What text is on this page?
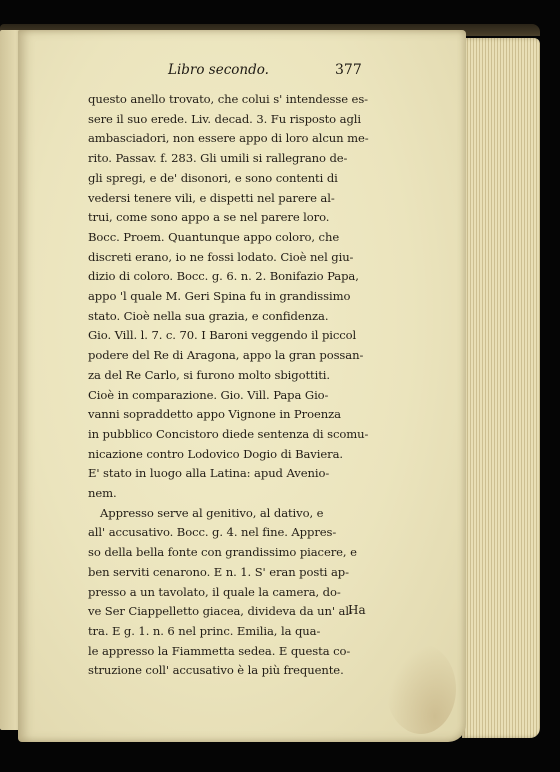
Libro secondo.	377
questo anello trovato, che colui s' intendesse es-
sere il suo erede. Liv. decad. 3. Fu risposto agli
ambasciadori, non essere appo di loro alcun me-
rito. Passav. f. 283. Gli umili si rallegrano de-
gli spregi, e de' disonori, e sono contenti di
vedersi tenere vili, e dispetti nel parere al-
trui, come sono appo a se nel parere loro.
Bocc. Proem. Quantunque appo coloro, che
discreti erano, io ne fossi lodato. Cioè nel giu-
dizio di coloro. Bocc. g. 6. n. 2. Bonifazio Papa,
appo 'l quale M. Geri Spina fu in grandissimo
stato. Cioè nella sua grazia, e confidenza.
Gio. Vill. l. 7. c. 70. I Baroni veggendo il piccol
podere del Re di Aragona, appo la gran possan-
za del Re Carlo, si furono molto sbigottiti.
Cioè in comparazione. Gio. Vill. Papa Gio-
vanni sopraddetto appo Vignone in Proenza
in pubblico Concistoro diede sentenza di scomu-
nicazione contro Lodovico Dogio di Baviera.
E' stato in luogo alla Latina: apud Avenio-
nem.
Appresso serve al genitivo, al dativo, e
all' accusativo. Bocc. g. 4. nel fine. Appres-
so della bella fonte con grandissimo piacere, e
ben serviti cenarono. E n. 1. S' eran posti ap-
presso a un tavolato, il quale la camera, do-
ve Ser Ciappelletto giacea, divideva da un' al-
tra. E g. 1. n. 6 nel princ. Emilia, la qua-
le appresso la Fiammetta sedea. E questa co-
struzione coll' accusativo è la più frequente.
Ha
